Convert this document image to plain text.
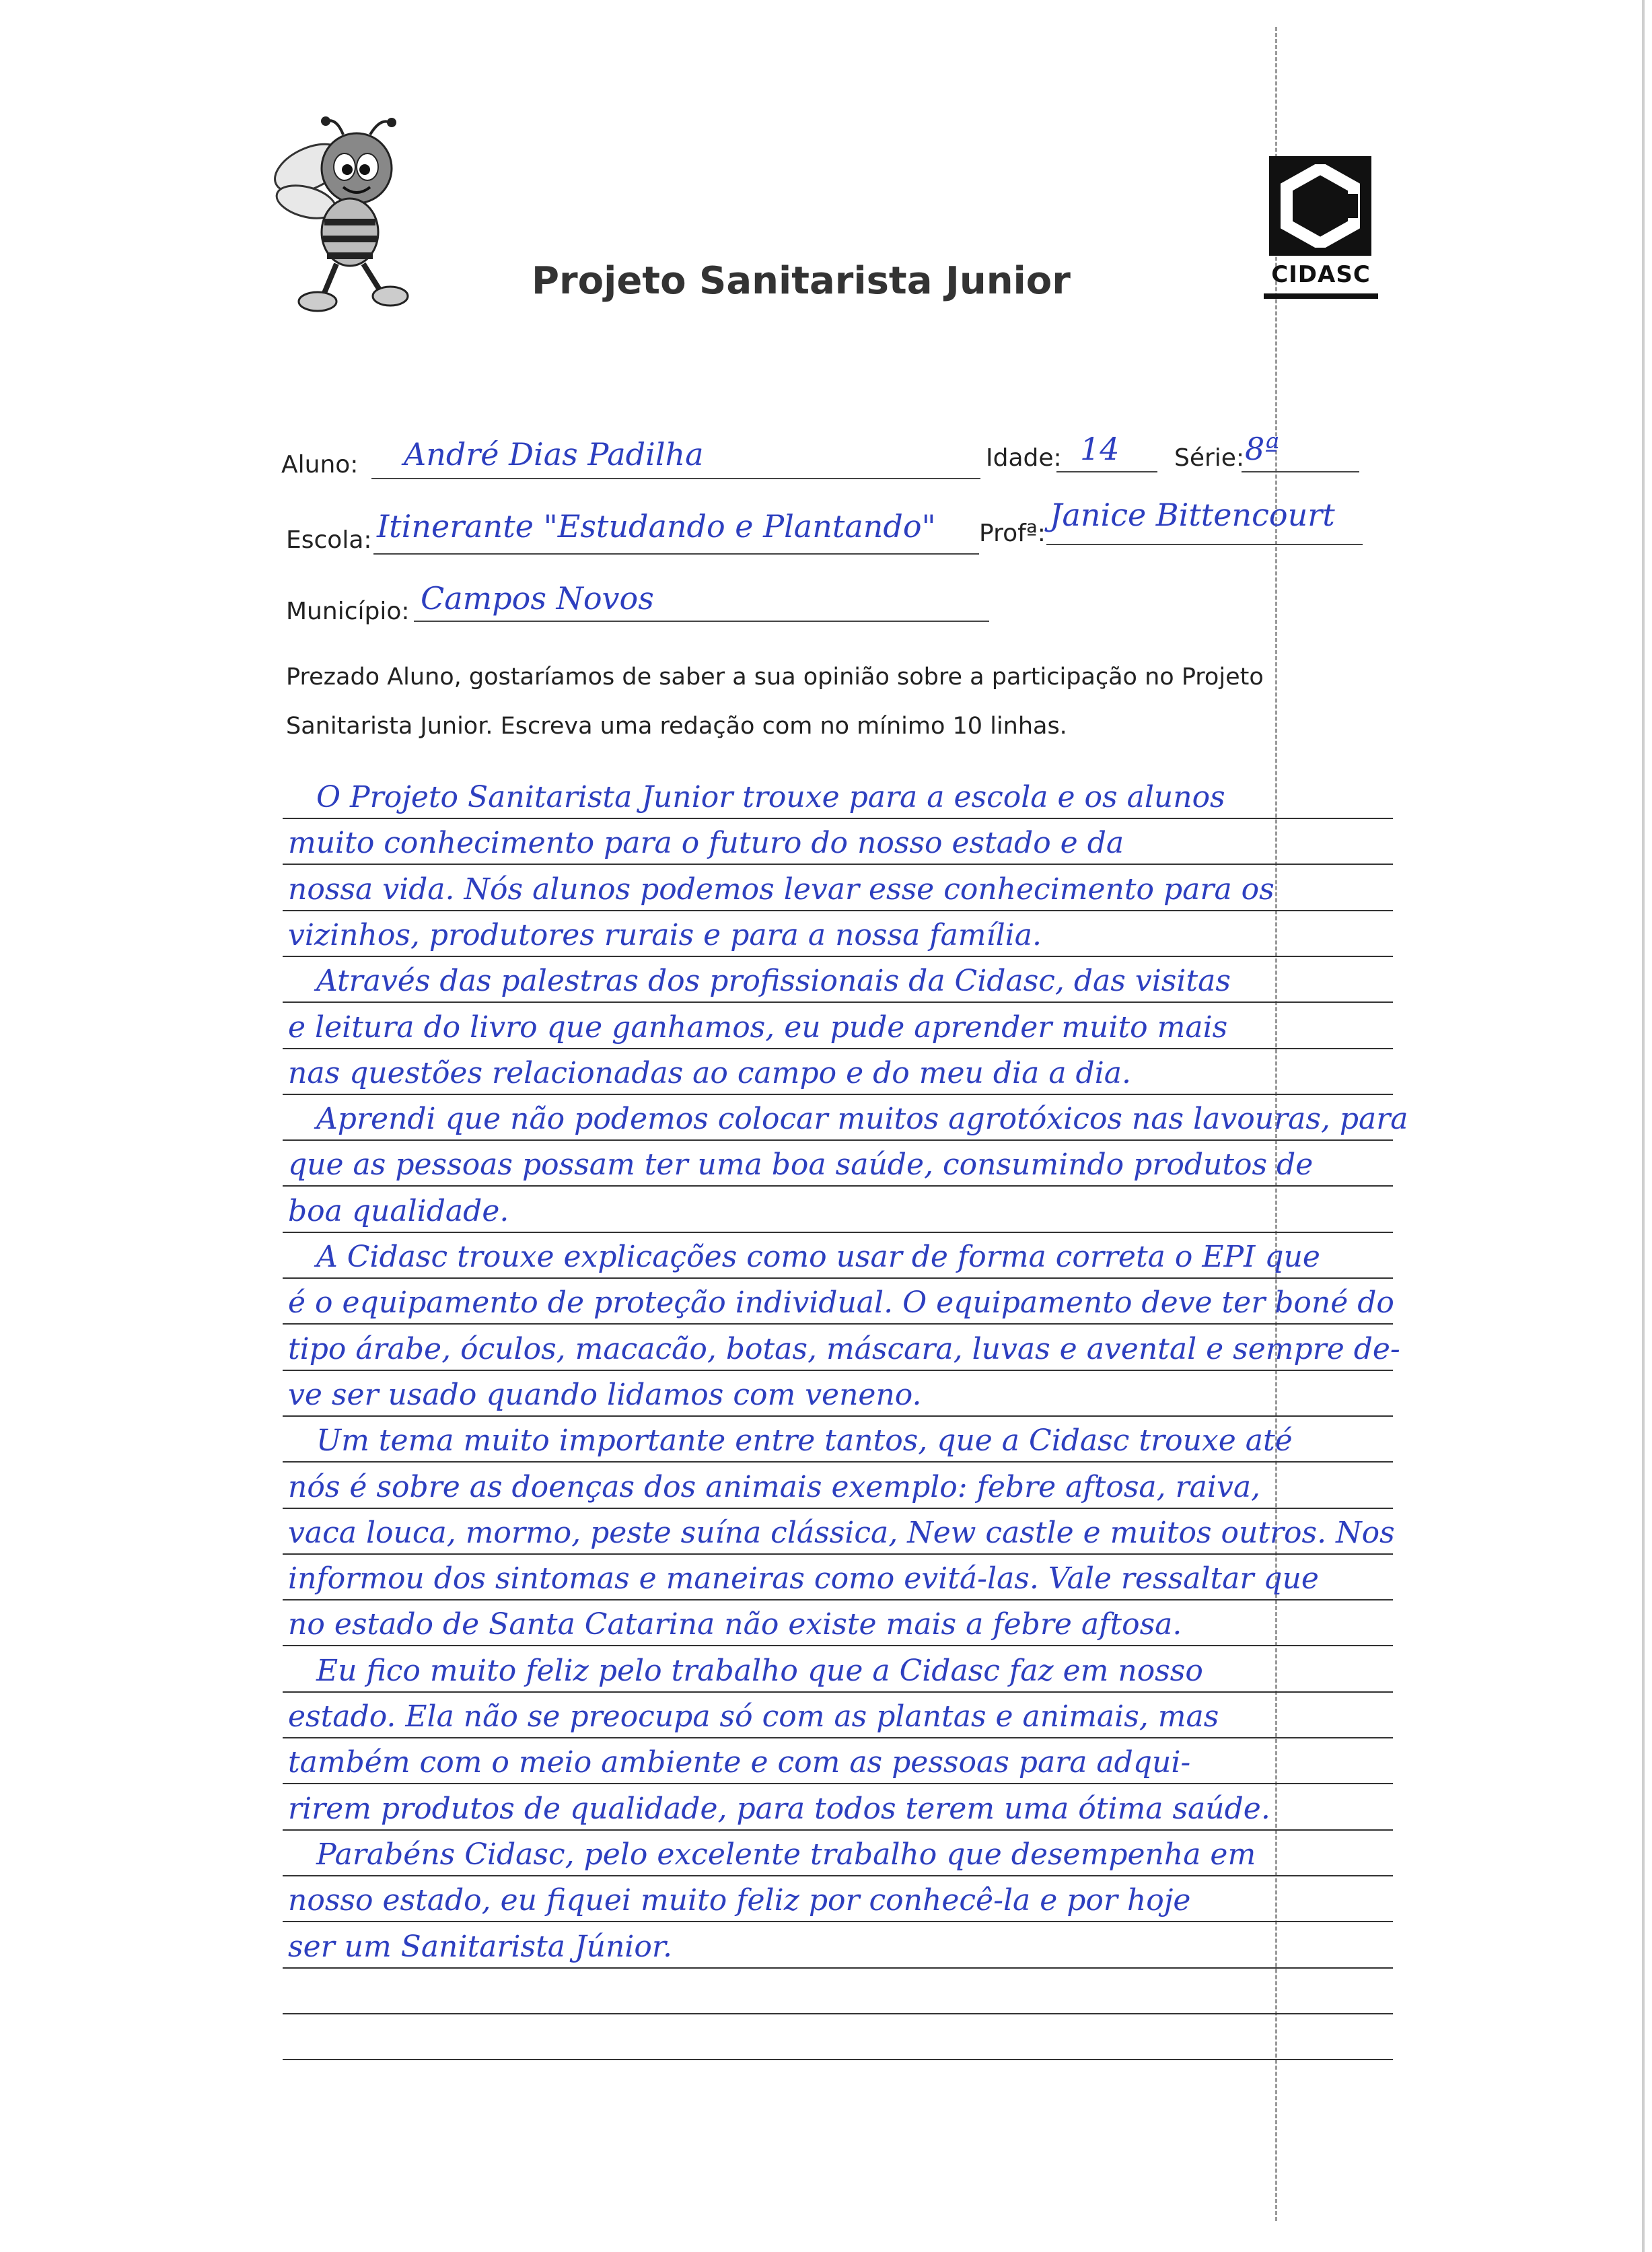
CIDASC
Projeto Sanitarista Junior
Aluno: André Dias Padilha	Idade: 14 Série: 8ª
Escola: Itinerante "Estudando e Plantando" Profª:
Janice Bittencourt
Município: Campos Novos
Prezado Aluno, gostaríamos de saber a sua opinião sobre a participação no Projeto
Sanitarista Junior. Escreva uma redação com no mínimo 10 linhas.
O Projeto Sanitarista Junior trouxe para a escola e os alunos
muito conhecimento para o futuro do nosso estado e da
nossa vida. Nós alunos podemos levar esse conhecimento para os
vizinhos, produtores rurais e para a nossa família.
Através das palestras dos profissionais da Cidasc, das visitas
e leitura do livro que ganhamos, eu pude aprender muito mais
nas questões relacionadas ao campo e do meu dia a dia.
Aprendi que não podemos colocar muitos agrotóxicos nas lavouras, para
que as pessoas possam ter uma boa saúde, consumindo produtos de
boa qualidade.
A Cidasc trouxe explicações como usar de forma correta o EPI que
é o equipamento de proteção individual. O equipamento deve ter boné do
tipo árabe, óculos, macacão, botas, máscara, luvas e avental e sempre de-
ve ser usado quando lidamos com veneno.
Um tema muito importante entre tantos, que a Cidasc trouxe até
nós é sobre as doenças dos animais exemplo: febre aftosa, raiva,
vaca louca, mormo, peste suína clássica, New castle e muitos outros. Nos
informou dos sintomas e maneiras como evitá-las. Vale ressaltar que
no estado de Santa Catarina não existe mais a febre aftosa.
Eu fico muito feliz pelo trabalho que a Cidasc faz em nosso
estado. Ela não se preocupa só com as plantas e animais, mas
também com o meio ambiente e com as pessoas para adqui-
rirem produtos de qualidade, para todos terem uma ótima saúde.
Parabéns Cidasc, pelo excelente trabalho que desempenha em
nosso estado, eu fiquei muito feliz por conhecê-la e por hoje
ser um Sanitarista Júnior.
